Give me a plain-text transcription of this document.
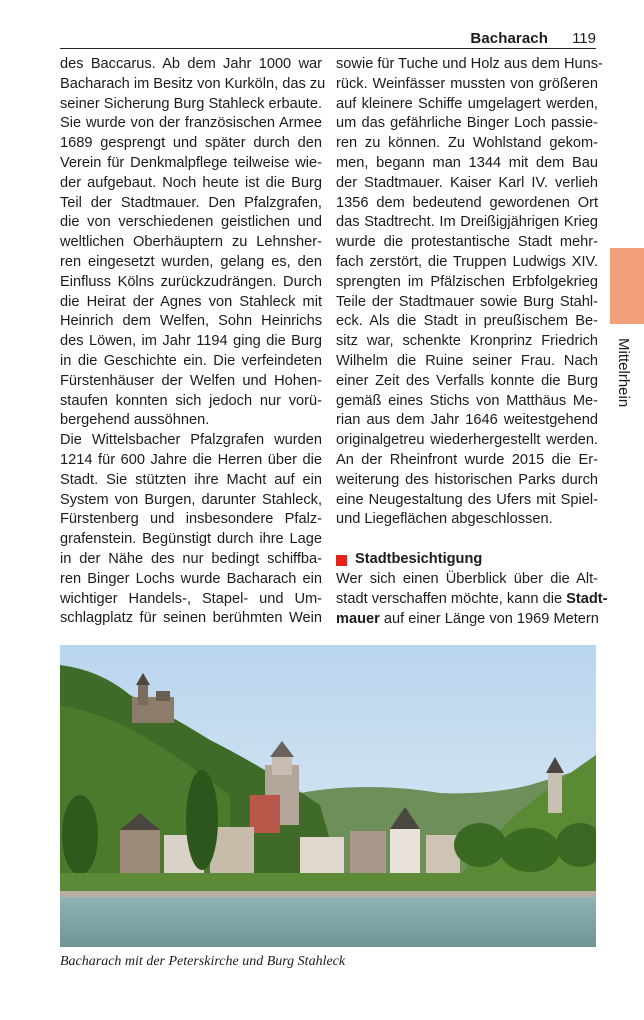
Bacharach 119
Mittelrhein
des Baccarus. Ab dem Jahr 1000 war
Bacharach im Besitz von Kurköln, das zu
seiner Sicherung Burg Stahleck erbaute.
Sie wurde von der französischen Armee
1689 gesprengt und später durch den
Verein für Denkmalpflege teilweise wie-
der aufgebaut. Noch heute ist die Burg
Teil der Stadtmauer. Den Pfalzgrafen,
die von verschiedenen geistlichen und
weltlichen Oberhäuptern zu Lehnsher-
ren eingesetzt wurden, gelang es, den
Einfluss Kölns zurückzudrängen. Durch
die Heirat der Agnes von Stahleck mit
Heinrich dem Welfen, Sohn Heinrichs
des Löwen, im Jahr 1194 ging die Burg
in die Geschichte ein. Die verfeindeten
Fürstenhäuser der Welfen und Hohen-
staufen konnten sich jedoch nur vorü-
bergehend aussöhnen.
Die Wittelsbacher Pfalzgrafen wurden
1214 für 600 Jahre die Herren über die
Stadt. Sie stützten ihre Macht auf ein
System von Burgen, darunter Stahleck,
Fürstenberg und insbesondere Pfalz-
grafenstein. Begünstigt durch ihre Lage
in der Nähe des nur bedingt schiffba-
ren Binger Lochs wurde Bacharach ein
wichtiger Handels-, Stapel- und Um-
schlagplatz für seinen berühmten Wein
sowie für Tuche und Holz aus dem Huns-
rück. Weinfässer mussten von größeren
auf kleinere Schiffe umgelagert werden,
um das gefährliche Binger Loch passie-
ren zu können. Zu Wohlstand gekom-
men, begann man 1344 mit dem Bau
der Stadtmauer. Kaiser Karl IV. verlieh
1356 dem bedeutend gewordenen Ort
das Stadtrecht. Im Dreißigjährigen Krieg
wurde die protestantische Stadt mehr-
fach zerstört, die Truppen Ludwigs XIV.
sprengten im Pfälzischen Erbfolgekrieg
Teile der Stadtmauer sowie Burg Stahl-
eck. Als die Stadt in preußischem Be-
sitz war, schenkte Kronprinz Friedrich
Wilhelm die Ruine seiner Frau. Nach
einer Zeit des Verfalls konnte die Burg
gemäß eines Stichs von Matthäus Me-
rian aus dem Jahr 1646 weitestgehend
originalgetreu wiederhergestellt werden.
An der Rheinfront wurde 2015 die Er-
weiterung des historischen Parks durch
eine Neugestaltung des Ufers mit Spiel-
und Liegeflächen abgeschlossen.
Stadtbesichtigung
Wer sich einen Überblick über die Alt-
stadt verschaffen möchte, kann die Stadt-
mauer auf einer Länge von 1969 Metern
Bacharach mit der Peterskirche und Burg Stahleck
